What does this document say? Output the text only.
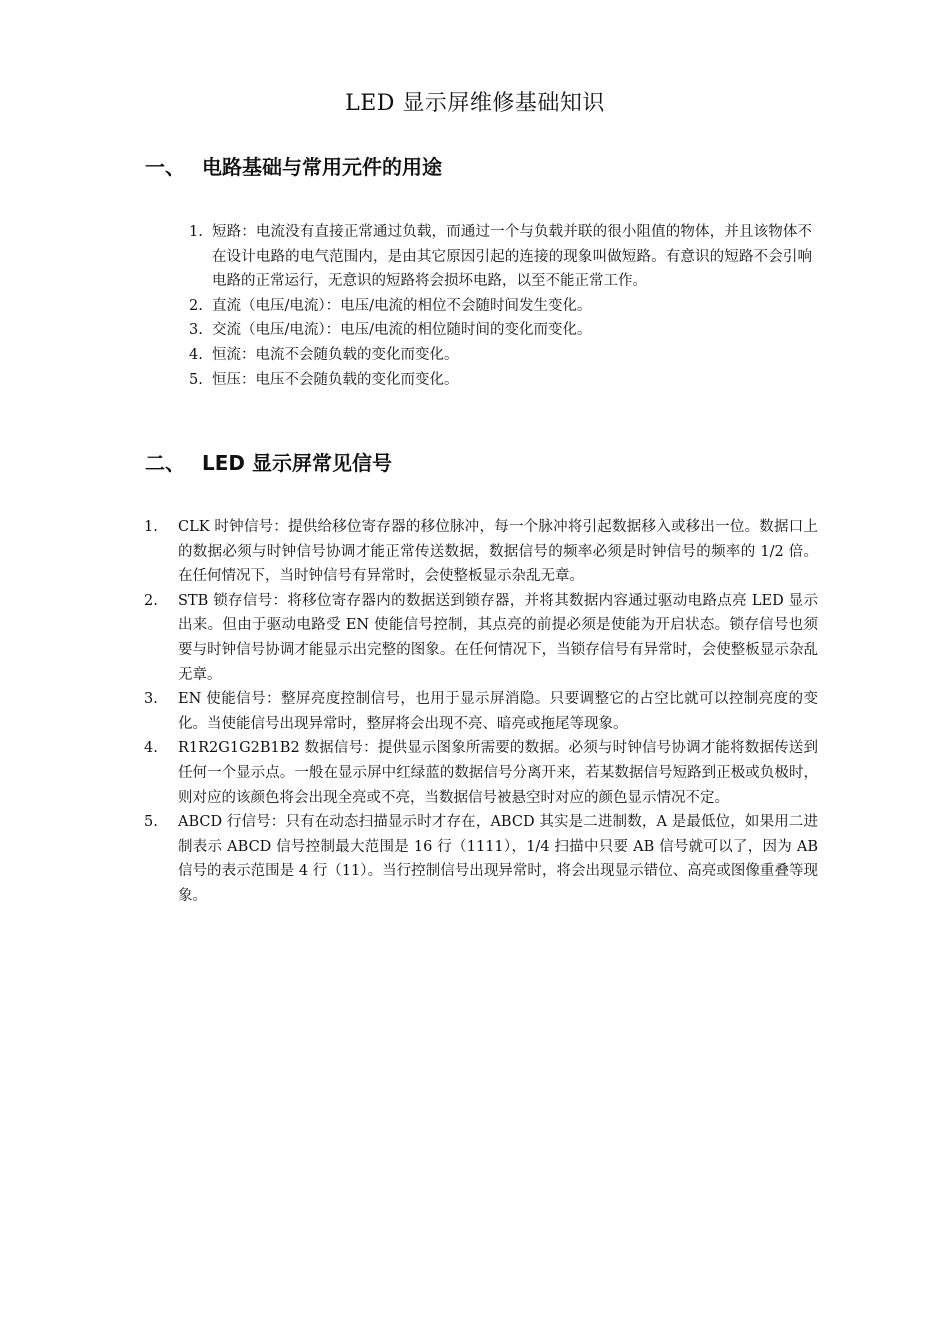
LED 显示屏维修基础知识
一、 电路基础与常用元件的用途
1. 短路：电流没有直接正常通过负载，而通过一个与负载并联的很小阻值的物体，并且该物体不在设计电路的电气范围内，是由其它原因引起的连接的现象叫做短路。有意识的短路不会引响电路的正常运行，无意识的短路将会损坏电路，以至不能正常工作。
2. 直流（电压/电流）：电压/电流的相位不会随时间发生变化。
3. 交流（电压/电流）：电压/电流的相位随时间的变化而变化。
4. 恒流：电流不会随负载的变化而变化。
5. 恒压：电压不会随负载的变化而变化。
二、 LED 显示屏常见信号
1. CLK 时钟信号：提供给移位寄存器的移位脉冲，每一个脉冲将引起数据移入或移出一位。数据口上的数据必须与时钟信号协调才能正常传送数据，数据信号的频率必须是时钟信号的频率的 1/2 倍。在任何情况下，当时钟信号有异常时，会使整板显示杂乱无章。
2. STB 锁存信号：将移位寄存器内的数据送到锁存器，并将其数据内容通过驱动电路点亮 LED 显示出来。但由于驱动电路受 EN 使能信号控制，其点亮的前提必须是使能为开启状态。锁存信号也须要与时钟信号协调才能显示出完整的图象。在任何情况下，当锁存信号有异常时，会使整板显示杂乱无章。
3. EN 使能信号：整屏亮度控制信号，也用于显示屏消隐。只要调整它的占空比就可以控制亮度的变化。当使能信号出现异常时，整屏将会出现不亮、暗亮或拖尾等现象。
4. R1R2G1G2B1B2 数据信号：提供显示图象所需要的数据。必须与时钟信号协调才能将数据传送到任何一个显示点。一般在显示屏中红绿蓝的数据信号分离开来，若某数据信号短路到正极或负极时，则对应的该颜色将会出现全亮或不亮，当数据信号被悬空时对应的颜色显示情况不定。
5. ABCD 行信号：只有在动态扫描显示时才存在，ABCD 其实是二进制数，A 是最低位，如果用二进制表示 ABCD 信号控制最大范围是 16 行（1111），1/4 扫描中只要 AB 信号就可以了，因为 AB 信号的表示范围是 4 行（11）。当行控制信号出现异常时，将会出现显示错位、高亮或图像重叠等现象。
